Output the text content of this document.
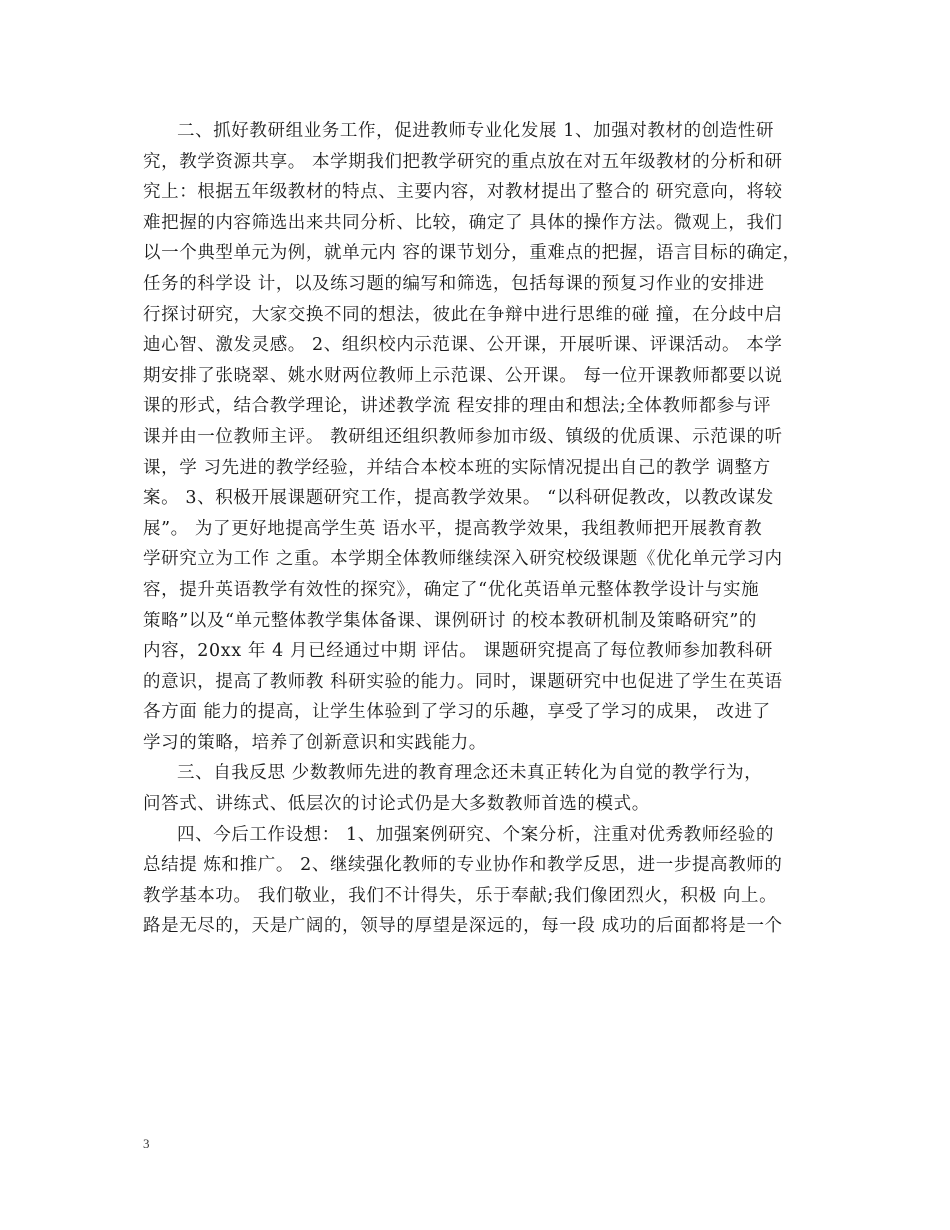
二、抓好教研组业务工作，促进教师专业化发展 1、加强对教材的创造性研
究，教学资源共享。 本学期我们把教学研究的重点放在对五年级教材的分析和研
究上：根据五年级教材的特点、主要内容，对教材提出了整合的 研究意向，将较
难把握的内容筛选出来共同分析、比较，确定了 具体的操作方法。微观上，我们
以一个典型单元为例，就单元内 容的课节划分，重难点的把握，语言目标的确定，
任务的科学设 计，以及练习题的编写和筛选，包括每课的预复习作业的安排进
行探讨研究，大家交换不同的想法，彼此在争辩中进行思维的碰 撞，在分歧中启
迪心智、激发灵感。 2、组织校内示范课、公开课，开展听课、评课活动。 本学
期安排了张晓翠、姚水财两位教师上示范课、公开课。 每一位开课教师都要以说
课的形式，结合教学理论，讲述教学流 程安排的理由和想法;全体教师都参与评
课并由一位教师主评。 教研组还组织教师参加市级、镇级的优质课、示范课的听
课，学 习先进的教学经验，并结合本校本班的实际情况提出自己的教学 调整方
案。 3、积极开展课题研究工作，提高教学效果。 “以科研促教改，以教改谋发
展”。 为了更好地提高学生英 语水平，提高教学效果，我组教师把开展教育教
学研究立为工作 之重。本学期全体教师继续深入研究校级课题《优化单元学习内
容，提升英语教学有效性的探究》，确定了“优化英语单元整体教学设计与实施
策略”以及“单元整体教学集体备课、课例研讨 的校本教研机制及策略研究”的
内容，20xx 年 4 月已经通过中期 评估。 课题研究提高了每位教师参加教科研
的意识，提高了教师教 科研实验的能力。同时，课题研究中也促进了学生在英语
各方面 能力的提高，让学生体验到了学习的乐趣，享受了学习的成果， 改进了
学习的策略，培养了创新意识和实践能力。
三、自我反思 少数教师先进的教育理念还未真正转化为自觉的教学行为，
问答式、讲练式、低层次的讨论式仍是大多数教师首选的模式。
四、今后工作设想： 1、加强案例研究、个案分析，注重对优秀教师经验的
总结提 炼和推广。 2、继续强化教师的专业协作和教学反思，进一步提高教师的
教学基本功。 我们敬业，我们不计得失，乐于奉献;我们像团烈火，积极 向上。
路是无尽的，天是广阔的，领导的厚望是深远的，每一段 成功的后面都将是一个
3
